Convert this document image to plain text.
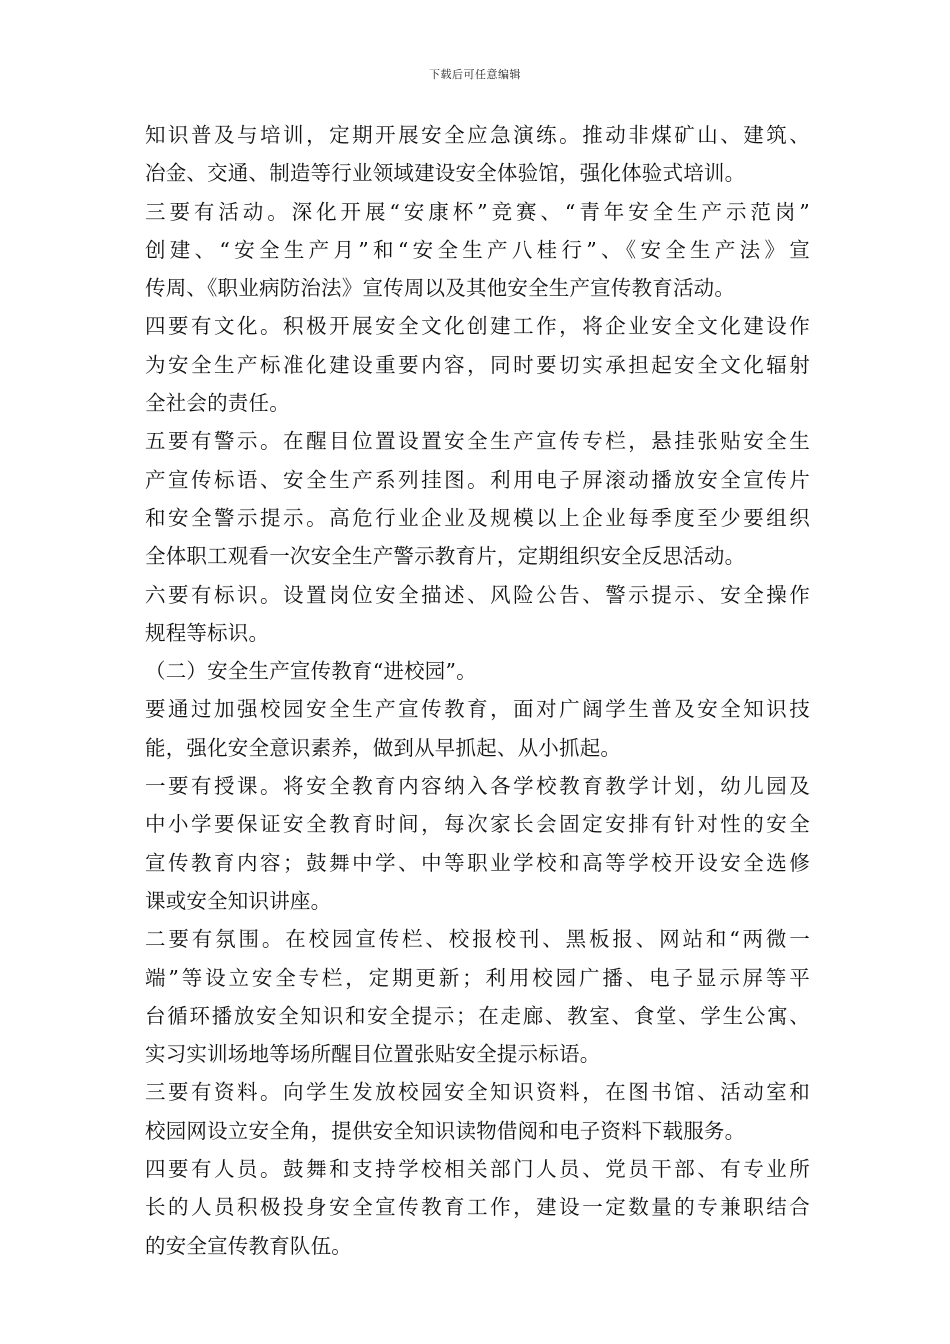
下载后可任意编辑
知识普及与培训，定期开展安全应急演练。推动非煤矿山、建筑、
冶金、交通、制造等行业领域建设安全体验馆，强化体验式培训。
三要有活动。深化开展“安康杯”竞赛、“青年安全生产示范岗”
创建、“安全生产月”和“安全生产八桂行”、《安全生产法》宣
传周、《职业病防治法》宣传周以及其他安全生产宣传教育活动。
四要有文化。积极开展安全文化创建工作，将企业安全文化建设作
为安全生产标准化建设重要内容，同时要切实承担起安全文化辐射
全社会的责任。
五要有警示。在醒目位置设置安全生产宣传专栏，悬挂张贴安全生
产宣传标语、安全生产系列挂图。利用电子屏滚动播放安全宣传片
和安全警示提示。高危行业企业及规模以上企业每季度至少要组织
全体职工观看一次安全生产警示教育片，定期组织安全反思活动。
六要有标识。设置岗位安全描述、风险公告、警示提示、安全操作
规程等标识。
（二）安全生产宣传教育“进校园”。
要通过加强校园安全生产宣传教育，面对广阔学生普及安全知识技
能，强化安全意识素养，做到从早抓起、从小抓起。
一要有授课。将安全教育内容纳入各学校教育教学计划，幼儿园及
中小学要保证安全教育时间，每次家长会固定安排有针对性的安全
宣传教育内容；鼓舞中学、中等职业学校和高等学校开设安全选修
课或安全知识讲座。
二要有氛围。在校园宣传栏、校报校刊、黑板报、网站和“两微一
端”等设立安全专栏，定期更新；利用校园广播、电子显示屏等平
台循环播放安全知识和安全提示；在走廊、教室、食堂、学生公寓、
实习实训场地等场所醒目位置张贴安全提示标语。
三要有资料。向学生发放校园安全知识资料，在图书馆、活动室和
校园网设立安全角，提供安全知识读物借阅和电子资料下载服务。
四要有人员。鼓舞和支持学校相关部门人员、党员干部、有专业所
长的人员积极投身安全宣传教育工作，建设一定数量的专兼职结合
的安全宣传教育队伍。
